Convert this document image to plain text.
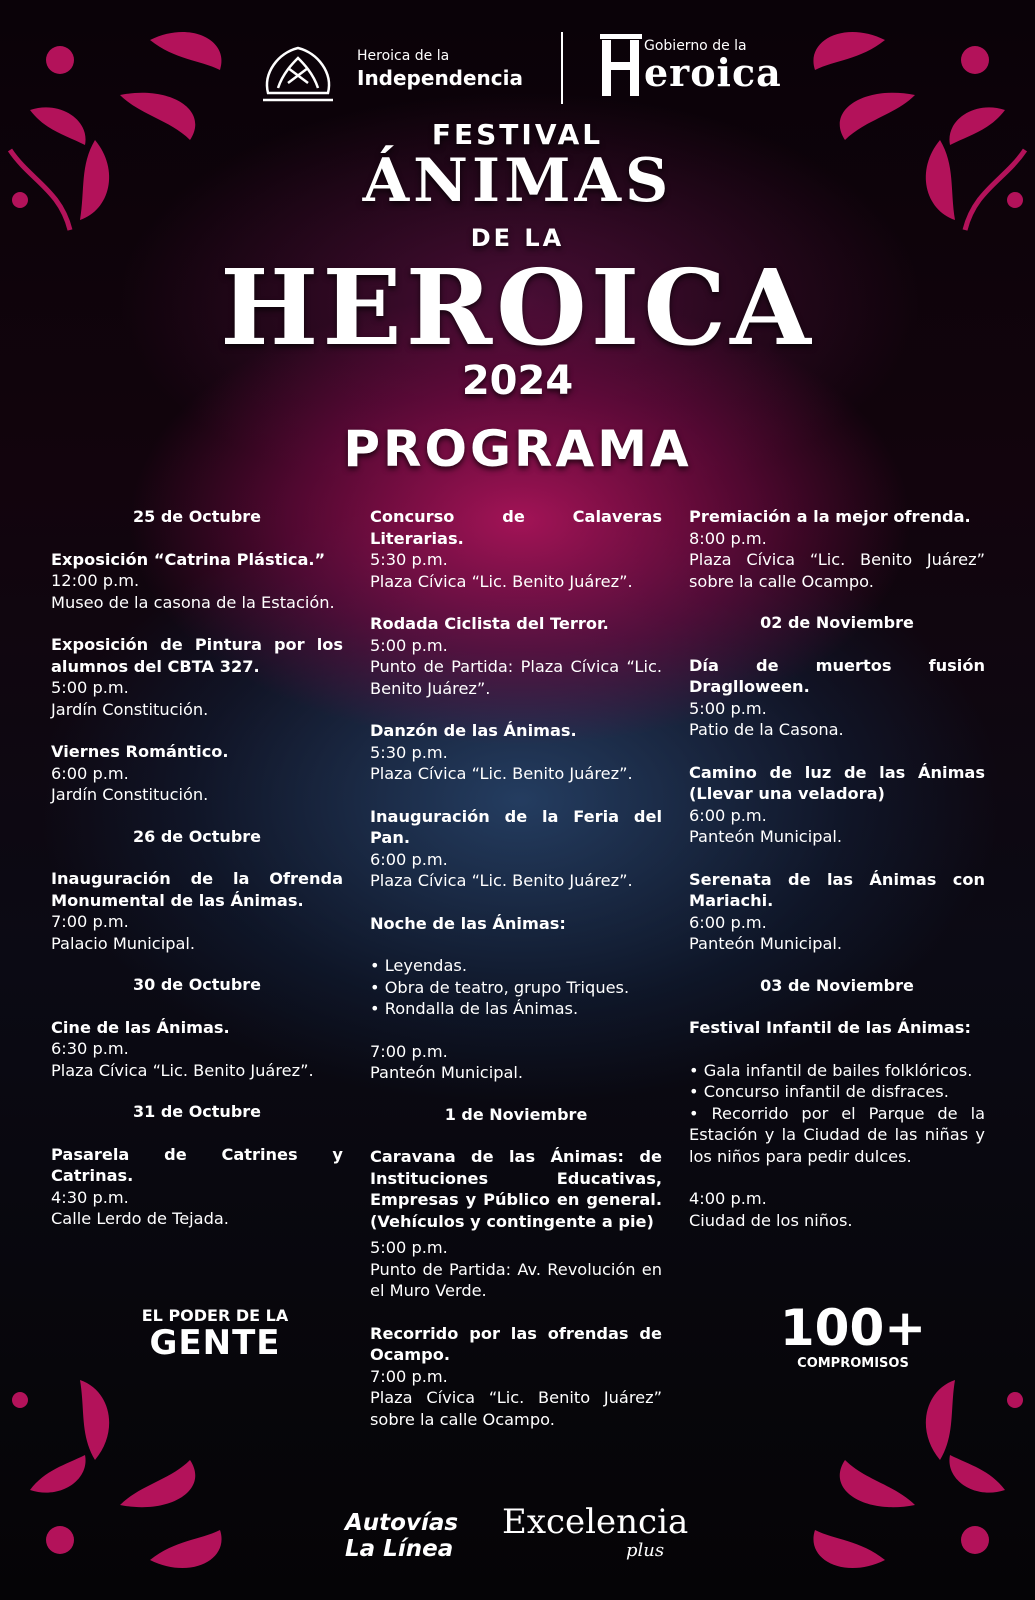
Heroica de la
Independencia
Gobierno de la
eroica
FESTIVAL
ÁNIMAS
DE LA
HEROICA
2024
PROGRAMA
25 de Octubre
Exposición “Catrina Plástica.”
12:00 p.m.
Museo de la casona de la Estación.
Exposición de Pintura por los alumnos del CBTA 327.
5:00 p.m.
Jardín Constitución.
Viernes Romántico.
6:00 p.m.
Jardín Constitución.
26 de Octubre
Inauguración de la Ofrenda Monumental de las Ánimas.
7:00 p.m.
Palacio Municipal.
30 de Octubre
Cine de las Ánimas.
6:30 p.m.
Plaza Cívica “Lic. Benito Juárez”.
31 de Octubre
Pasarela de Catrines y Catrinas.
4:30 p.m.
Calle Lerdo de Tejada.
Concurso de Calaveras Literarias.
5:30 p.m.
Plaza Cívica “Lic. Benito Juárez”.
Rodada Ciclista del Terror.
5:00 p.m.
Punto de Partida: Plaza Cívica “Lic. Benito Juárez”.
Danzón de las Ánimas.
5:30 p.m.
Plaza Cívica “Lic. Benito Juárez”.
Inauguración de la Feria del Pan.
6:00 p.m.
Plaza Cívica “Lic. Benito Juárez”.
Noche de las Ánimas:
• Leyendas.
• Obra de teatro, grupo Triques.
• Rondalla de las Ánimas.
7:00 p.m.
Panteón Municipal.
1 de Noviembre
Caravana de las Ánimas: de Instituciones Educativas, Empresas y Público en general. (Vehículos y contingente a pie)
5:00 p.m.
Punto de Partida: Av. Revolución en el Muro Verde.
Recorrido por las ofrendas de Ocampo.
7:00 p.m.
Plaza Cívica “Lic. Benito Juárez” sobre la calle Ocampo.
Premiación a la mejor ofrenda.
8:00 p.m.
Plaza Cívica “Lic. Benito Juárez” sobre la calle Ocampo.
02 de Noviembre
Día de muertos fusión Draglloween.
5:00 p.m.
Patio de la Casona.
Camino de luz de las Ánimas (Llevar una veladora)
6:00 p.m.
Panteón Municipal.
Serenata de las Ánimas con Mariachi.
6:00 p.m.
Panteón Municipal.
03 de Noviembre
Festival Infantil de las Ánimas:
• Gala infantil de bailes folklóricos.
• Concurso infantil de disfraces.
• Recorrido por el Parque de la Estación y la Ciudad de las niñas y los niños para pedir dulces.
4:00 p.m.
Ciudad de los niños.
EL PODER DE LA
GENTE	100+
COMPROMISOS
Autovías
La Línea
Excelencia
plus
